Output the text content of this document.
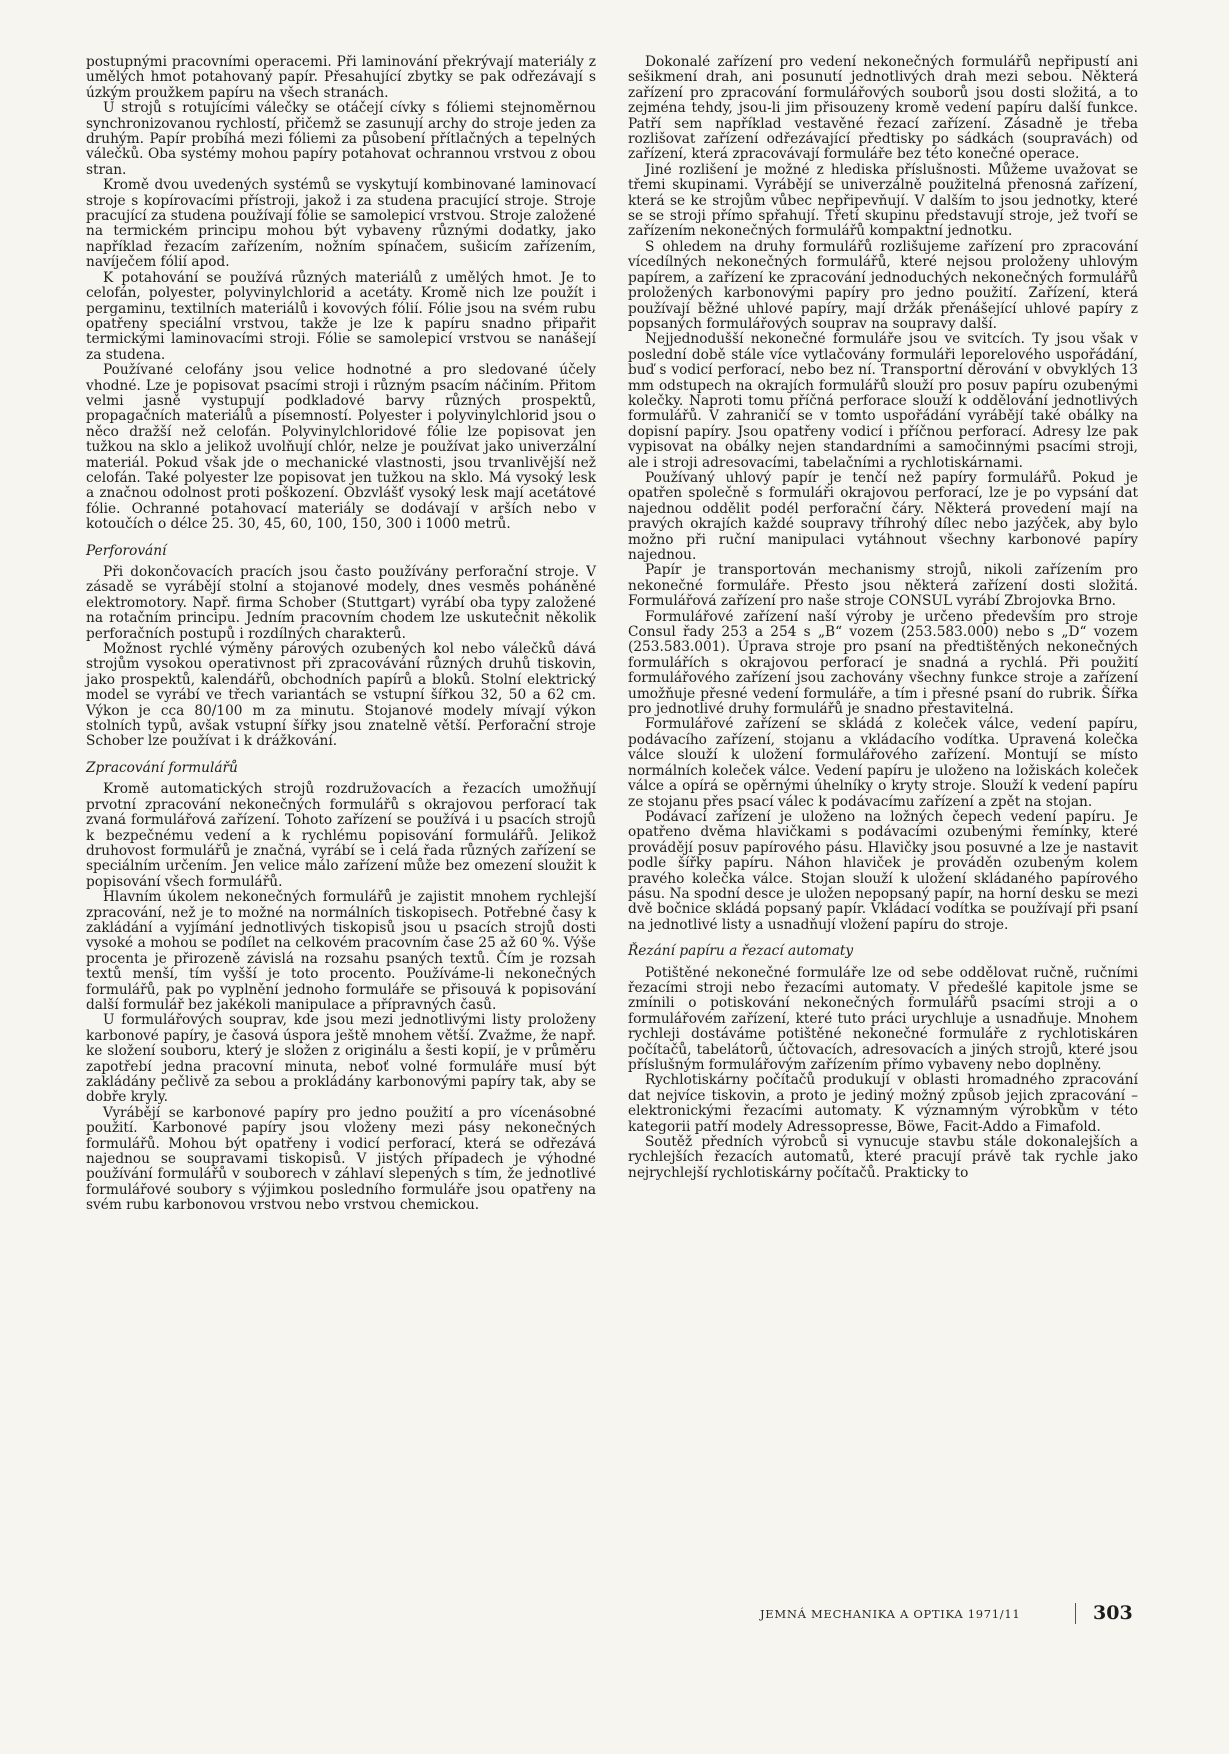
postupnými pracovními operacemi. Při laminování překrývají materiály z umělých hmot potahovaný papír. Přesahující zbytky se pak odřezávají s úzkým proužkem papíru na všech stranách.

U strojů s rotujícími válečky se otáčejí cívky s fóliemi stejnoměrnou synchronizovanou rychlostí, přičemž se zasunují archy do stroje jeden za druhým. Papír probíhá mezi fóliemi za působení přítlačných a tepelných válečků. Oba systémy mohou papíry potahovat ochrannou vrstvou z obou stran.

Kromě dvou uvedených systémů se vyskytují kombinované laminovací stroje s kopírovacími přístroji, jakož i za studena pracující stroje. Stroje pracující za studena používají fólie se samolepicí vrstvou. Stroje založené na termickém principu mohou být vybaveny různými dodatky, jako například řezacím zařízením, nožním spínačem, sušicím zařízením, navíječem fólií apod.

K potahování se používá různých materiálů z umělých hmot. Je to celofán, polyester, polyvinylchlorid a acetáty. Kromě nich lze použít i pergaminu, textilních materiálů i kovových fólií. Fólie jsou na svém rubu opatřeny speciální vrstvou, takže je lze k papíru snadno připařit termickými laminovacími stroji. Fólie se samolepicí vrstvou se nanášejí za studena.

Používané celofány jsou velice hodnotné a pro sledované účely vhodné. Lze je popisovat psacími stroji i různým psacím náčiním. Přitom velmi jasně vystupují podkladové barvy různých prospektů, propagačních materiálů a písemností. Polyester i polyvinylchlorid jsou o něco dražší než celofán. Polyvinylchloridové fólie lze popisovat jen tužkou na sklo a jelikož uvolňují chlór, nelze je používat jako univerzální materiál. Pokud však jde o mechanické vlastnosti, jsou trvanlivější než celofán. Také polyester lze popisovat jen tužkou na sklo. Má vysoký lesk a značnou odolnost proti poškození. Obzvlášť vysoký lesk mají acetátové fólie. Ochranné potahovací materiály se dodávají v arších nebo v kotoučích o délce 25. 30, 45, 60, 100, 150, 300 i 1000 metrů.

Perforování

Při dokončovacích pracích jsou často používány perforační stroje. V zásadě se vyrábějí stolní a stojanové modely, dnes vesměs poháněné elektromotory. Např. firma Schober (Stuttgart) vyrábí oba typy založené na rotačním principu. Jedním pracovním chodem lze uskutečnit několik perforačních postupů i rozdílných charakterů.

Možnost rychlé výměny párových ozubených kol nebo válečků dává strojům vysokou operativnost při zpracovávání různých druhů tiskovin, jako prospektů, kalendářů, obchodních papírů a bloků. Stolní elektrický model se vyrábí ve třech variantách se vstupní šířkou 32, 50 a 62 cm. Výkon je cca 80/100 m za minutu. Stojanové modely mívají výkon stolních typů, avšak vstupní šířky jsou znatelně větší. Perforační stroje Schober lze používat i k drážkování.

Zpracování formulářů

Kromě automatických strojů rozdružovacích a řezacích umožňují prvotní zpracování nekonečných formulářů s okrajovou perforací tak zvaná formulářová zařízení. Tohoto zařízení se používá i u psacích strojů k bezpečnému vedení a k rychlému popisování formulářů. Jelikož druhovost formulářů je značná, vyrábí se i celá řada různých zařízení se speciálním určením. Jen velice málo zařízení může bez omezení sloužit k popisování všech formulářů.

Hlavním úkolem nekonečných formulářů je zajistit mnohem rychlejší zpracování, než je to možné na normálních tiskopisech. Potřebné časy k zakládání a vyjímání jednotlivých tiskopisů jsou u psacích strojů dosti vysoké a mohou se podílet na celkovém pracovním čase 25 až 60 %. Výše procenta je přirozeně závislá na rozsahu psaných textů. Čím je rozsah textů menší, tím vyšší je toto procento. Používáme-li nekonečných formulářů, pak po vyplnění jednoho formuláře se přisouvá k popisování další formulář bez jakékoli manipulace a přípravných časů.

U formulářových souprav, kde jsou mezi jednotlivými listy proloženy karbonové papíry, je časová úspora ještě mnohem větší. Zvažme, že např. ke složení souboru, který je složen z originálu a šesti kopií, je v průměru zapotřebí jedna pracovní minuta, neboť volné formuláře musí být zakládány pečlivě za sebou a prokládány karbonovými papíry tak, aby se dobře kryly.

Vyrábějí se karbonové papíry pro jedno použití a pro vícenásobné použití. Karbonové papíry jsou vloženy mezi pásy nekonečných formulářů. Mohou být opatřeny i vodicí perforací, která se odřezává najednou se soupravami tiskopisů. V jistých případech je výhodné používání formulářů v souborech v záhlaví slepených s tím, že jednotlivé formulářové soubory s výjimkou posledního formuláře jsou opatřeny na svém rubu karbonovou vrstvou nebo vrstvou chemickou.

Dokonalé zařízení pro vedení nekonečných formulářů nepřipustí ani sešikmení drah, ani posunutí jednotlivých drah mezi sebou. Některá zařízení pro zpracování formulářových souborů jsou dosti složitá, a to zejména tehdy, jsou-li jim přisouzeny kromě vedení papíru další funkce. Patří sem například vestavěné řezací zařízení. Zásadně je třeba rozlišovat zařízení odřezávající předtisky po sádkách (soupravách) od zařízení, která zpracovávají formuláře bez této konečné operace.

Jiné rozlišení je možné z hlediska příslušnosti. Můžeme uvažovat se třemi skupinami. Vyrábějí se univerzálně použitelná přenosná zařízení, která se ke strojům vůbec nepřipevňují. V dalším to jsou jednotky, které se se stroji přímo spřahují. Třetí skupinu představují stroje, jež tvoří se zařízením nekonečných formulářů kompaktní jednotku.

S ohledem na druhy formulářů rozlišujeme zařízení pro zpracování vícedílných nekonečných formulářů, které nejsou proloženy uhlovým papírem, a zařízení ke zpracování jednoduchých nekonečných formulářů proložených karbonovými papíry pro jedno použití. Zařízení, která používají běžné uhlové papíry, mají držák přenášející uhlové papíry z popsaných formulářových souprav na soupravy další.

Nejjednodušší nekonečné formuláře jsou ve svitcích. Ty jsou však v poslední době stále více vytlačovány formuláři leporelového uspořádání, buď s vodicí perforací, nebo bez ní. Transportní děrování v obvyklých 13 mm odstupech na okrajích formulářů slouží pro posuv papíru ozubenými kolečky. Naproti tomu příčná perforace slouží k oddělování jednotlivých formulářů. V zahraničí se v tomto uspořádání vyrábějí také obálky na dopisní papíry. Jsou opatřeny vodicí i příčnou perforací. Adresy lze pak vypisovat na obálky nejen standardními a samočinnými psacími stroji, ale i stroji adresovacími, tabelačními a rychlotiskárnami.

Používaný uhlový papír je tenčí než papíry formulářů. Pokud je opatřen společně s formuláři okrajovou perforací, lze je po vypsání dat najednou oddělit podél perforační čáry. Některá provedení mají na pravých okrajích každé soupravy tříhrohý dílec nebo jazýček, aby bylo možno při ruční manipulaci vytáhnout všechny karbonové papíry najednou.

Papír je transportován mechanismy strojů, nikoli zařízením pro nekonečné formuláře. Přesto jsou některá zařízení dosti složitá. Formulářová zařízení pro naše stroje CONSUL vyrábí Zbrojovka Brno.

Formulářové zařízení naší výroby je určeno především pro stroje Consul řady 253 a 254 s „B“ vozem (253.583.000) nebo s „D“ vozem (253.583.001). Úprava stroje pro psaní na předtištěných nekonečných formulářích s okrajovou perforací je snadná a rychlá. Při použití formulářového zařízení jsou zachovány všechny funkce stroje a zařízení umožňuje přesné vedení formuláře, a tím i přesné psaní do rubrik. Šířka pro jednotlivé druhy formulářů je snadno přestavitelná.

Formulářové zařízení se skládá z koleček válce, vedení papíru, podávacího zařízení, stojanu a vkládacího vodítka. Upravená kolečka válce slouží k uložení formulářového zařízení. Montují se místo normálních koleček válce. Vedení papíru je uloženo na ložiskách koleček válce a opírá se opěrnými úhelníky o kryty stroje. Slouží k vedení papíru ze stojanu přes psací válec k podávacímu zařízení a zpět na stojan.

Podávací zařízení je uloženo na ložných čepech vedení papíru. Je opatřeno dvěma hlavičkami s podávacími ozubenými řemínky, které provádějí posuv papírového pásu. Hlavičky jsou posuvné a lze je nastavit podle šířky papíru. Náhon hlaviček je prováděn ozubeným kolem pravého kolečka válce. Stojan slouží k uložení skládaného papírového pásu. Na spodní desce je uložen nepopsaný papír, na horní desku se mezi dvě bočnice skládá popsaný papír. Vkládací vodítka se používají při psaní na jednotlivé listy a usnadňují vložení papíru do stroje.

Řezání papíru a řezací automaty

Potištěné nekonečné formuláře lze od sebe oddělovat ručně, ručními řezacími stroji nebo řezacími automaty. V předešlé kapitole jsme se zmínili o potiskování nekonečných formulářů psacími stroji a o formulářovém zařízení, které tuto práci urychluje a usnadňuje. Mnohem rychleji dostáváme potištěné nekonečné formuláře z rychlotiskáren počítačů, tabelátorů, účtovacích, adresovacích a jiných strojů, které jsou příslušným formulářovým zařízením přímo vybaveny nebo doplněny.

Rychlotiskárny počítačů produkují v oblasti hromadného zpracování dat nejvíce tiskovin, a proto je jediný možný způsob jejich zpracování – elektronickými řezacími automaty. K významným výrobkům v této kategorii patří modely Adressopresse, Böwe, Facit-Addo a Fimafold.

Soutěž předních výrobců si vynucuje stavbu stále dokonalejších a rychlejších řezacích automatů, které pracují právě tak rychle jako nejrychlejší rychlotiskárny počítačů. Prakticky to

JEMNÁ MECHANIKA A OPTIKA 1971/11	303
